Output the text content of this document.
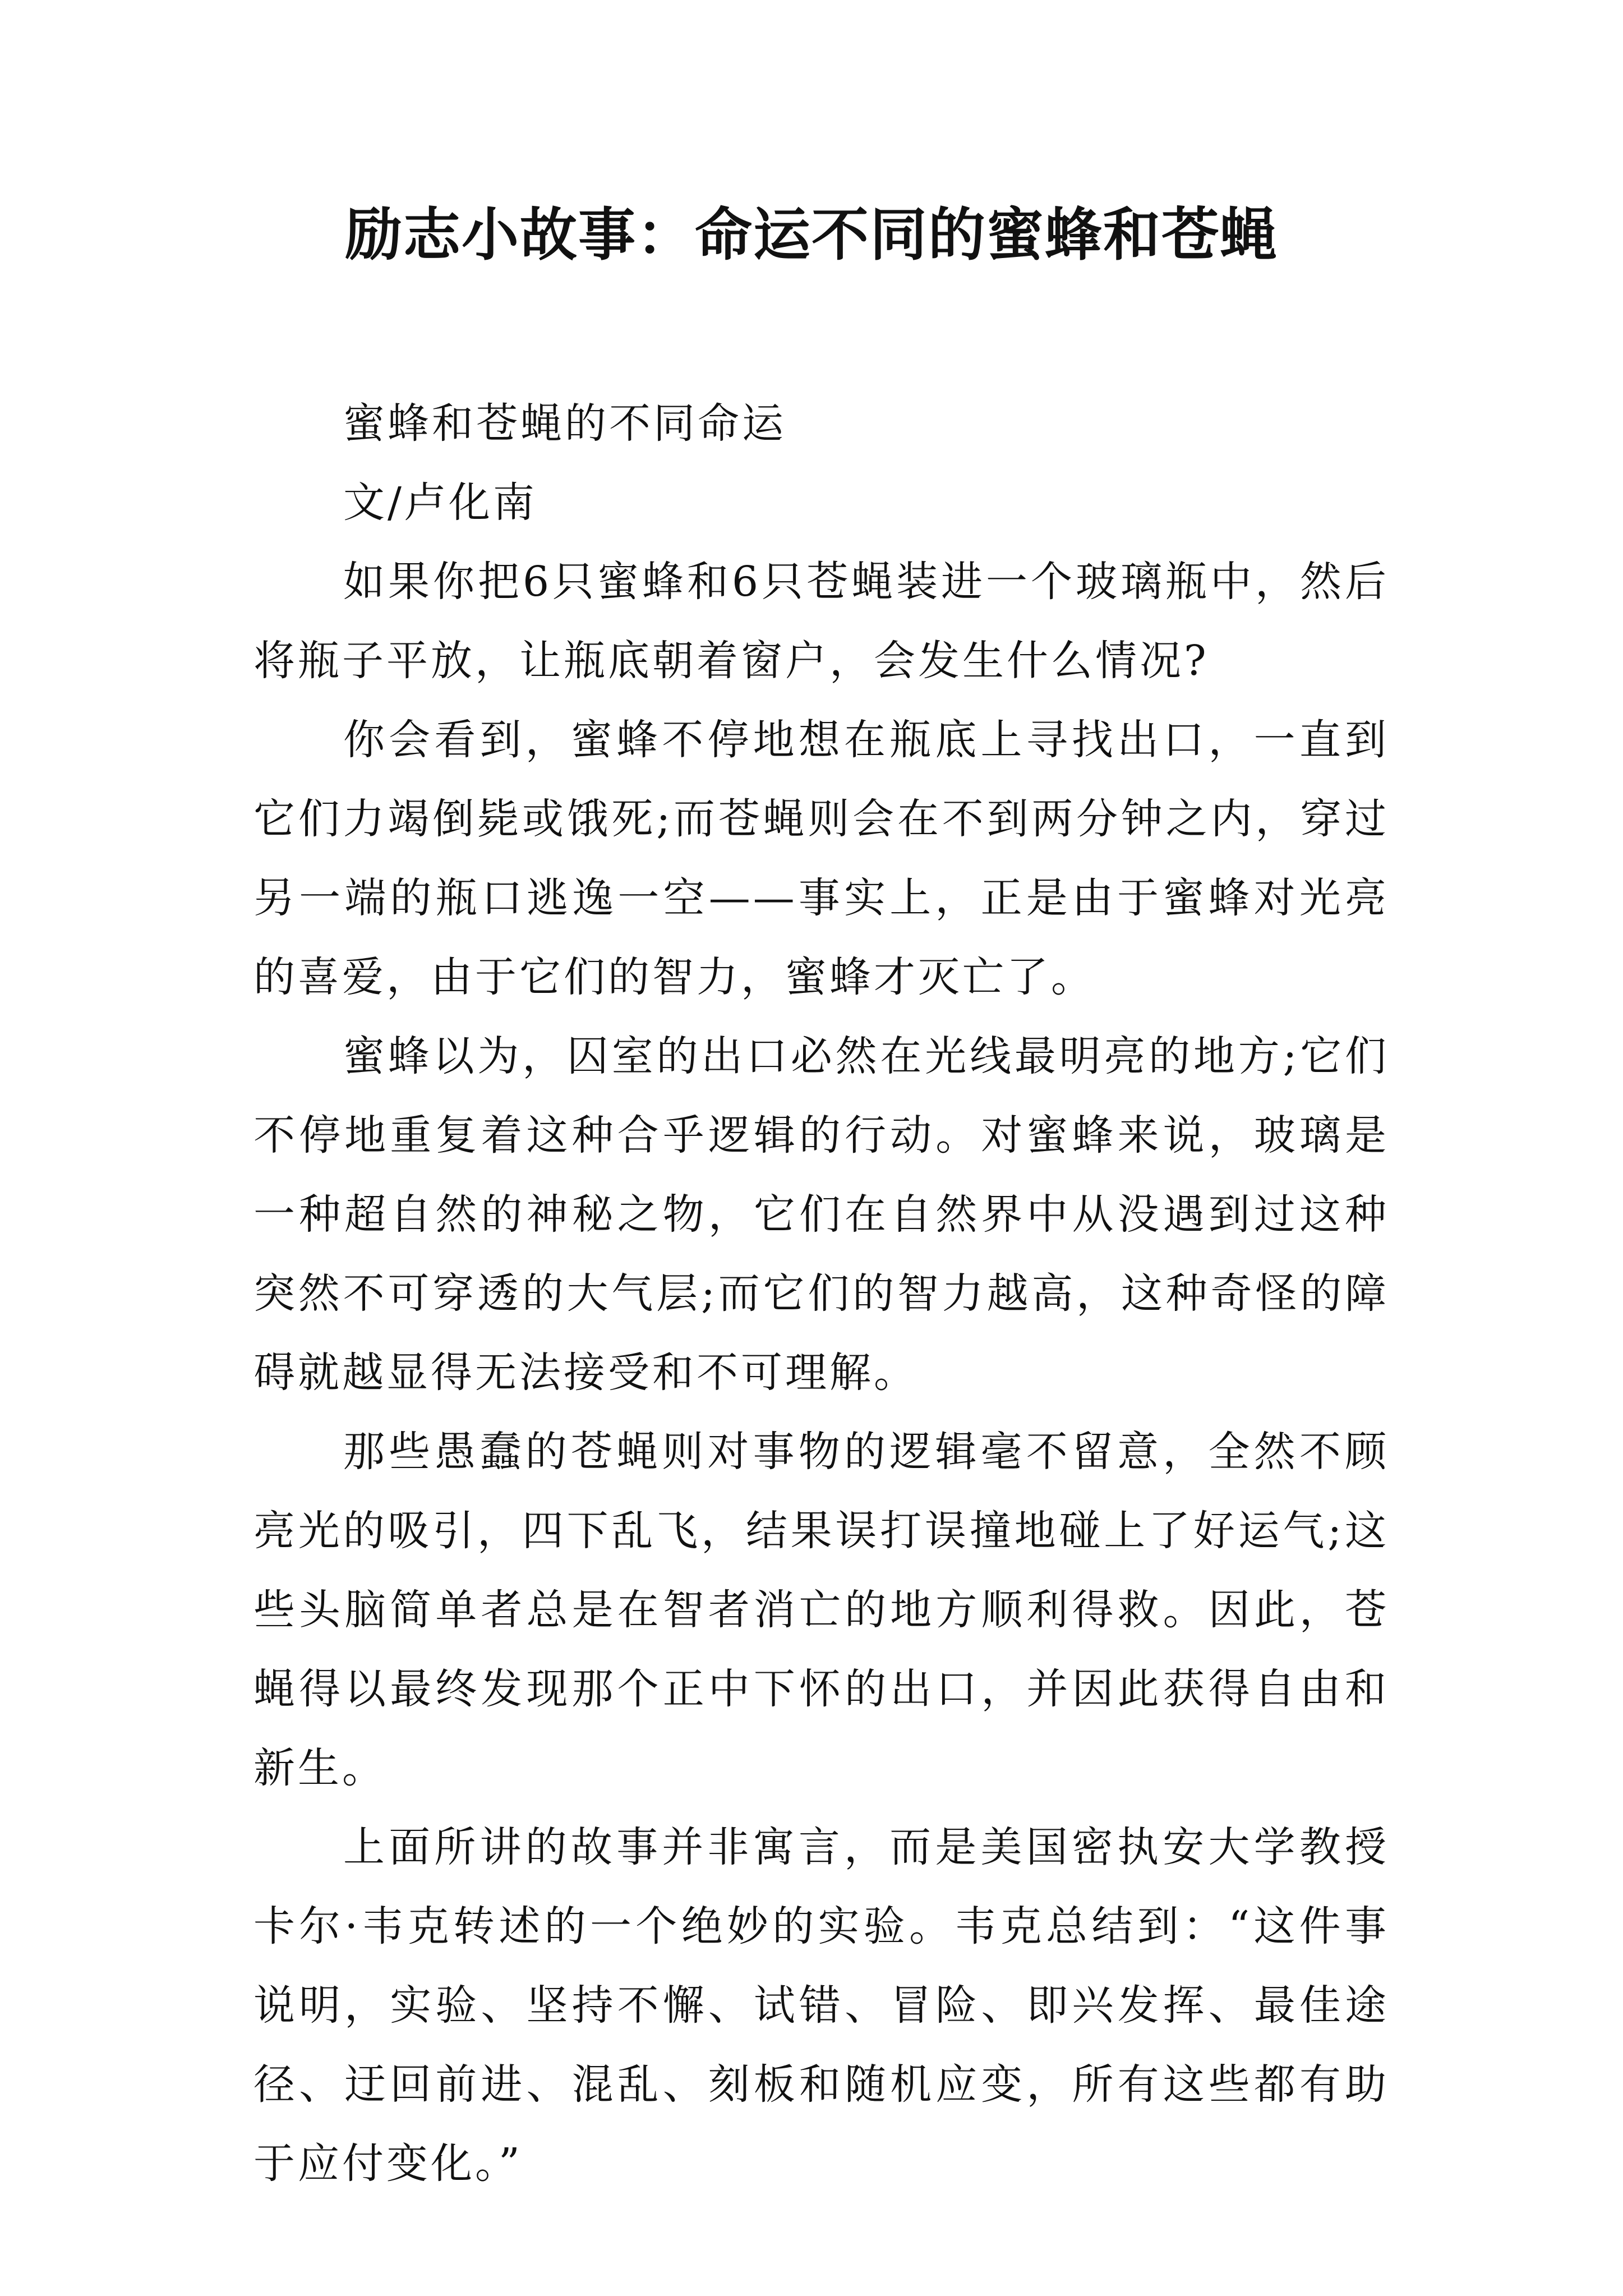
励志小故事：命运不同的蜜蜂和苍蝇

蜜蜂和苍蝇的不同命运

文/卢化南

如果你把6只蜜蜂和6只苍蝇装进一个玻璃瓶中，然后将瓶子平放，让瓶底朝着窗户，会发生什么情况?

你会看到，蜜蜂不停地想在瓶底上寻找出口，一直到它们力竭倒毙或饿死;而苍蝇则会在不到两分钟之内，穿过另一端的瓶口逃逸一空——事实上，正是由于蜜蜂对光亮的喜爱，由于它们的智力，蜜蜂才灭亡了。

蜜蜂以为，囚室的出口必然在光线最明亮的地方;它们不停地重复着这种合乎逻辑的行动。对蜜蜂来说，玻璃是一种超自然的神秘之物，它们在自然界中从没遇到过这种突然不可穿透的大气层;而它们的智力越高，这种奇怪的障碍就越显得无法接受和不可理解。

那些愚蠢的苍蝇则对事物的逻辑毫不留意，全然不顾亮光的吸引，四下乱飞，结果误打误撞地碰上了好运气;这些头脑简单者总是在智者消亡的地方顺利得救。因此，苍蝇得以最终发现那个正中下怀的出口，并因此获得自由和新生。

上面所讲的故事并非寓言，而是美国密执安大学教授卡尔·韦克转述的一个绝妙的实验。韦克总结到：“这件事说明，实验、坚持不懈、试错、冒险、即兴发挥、最佳途径、迂回前进、混乱、刻板和随机应变，所有这些都有助于应付变化。”
